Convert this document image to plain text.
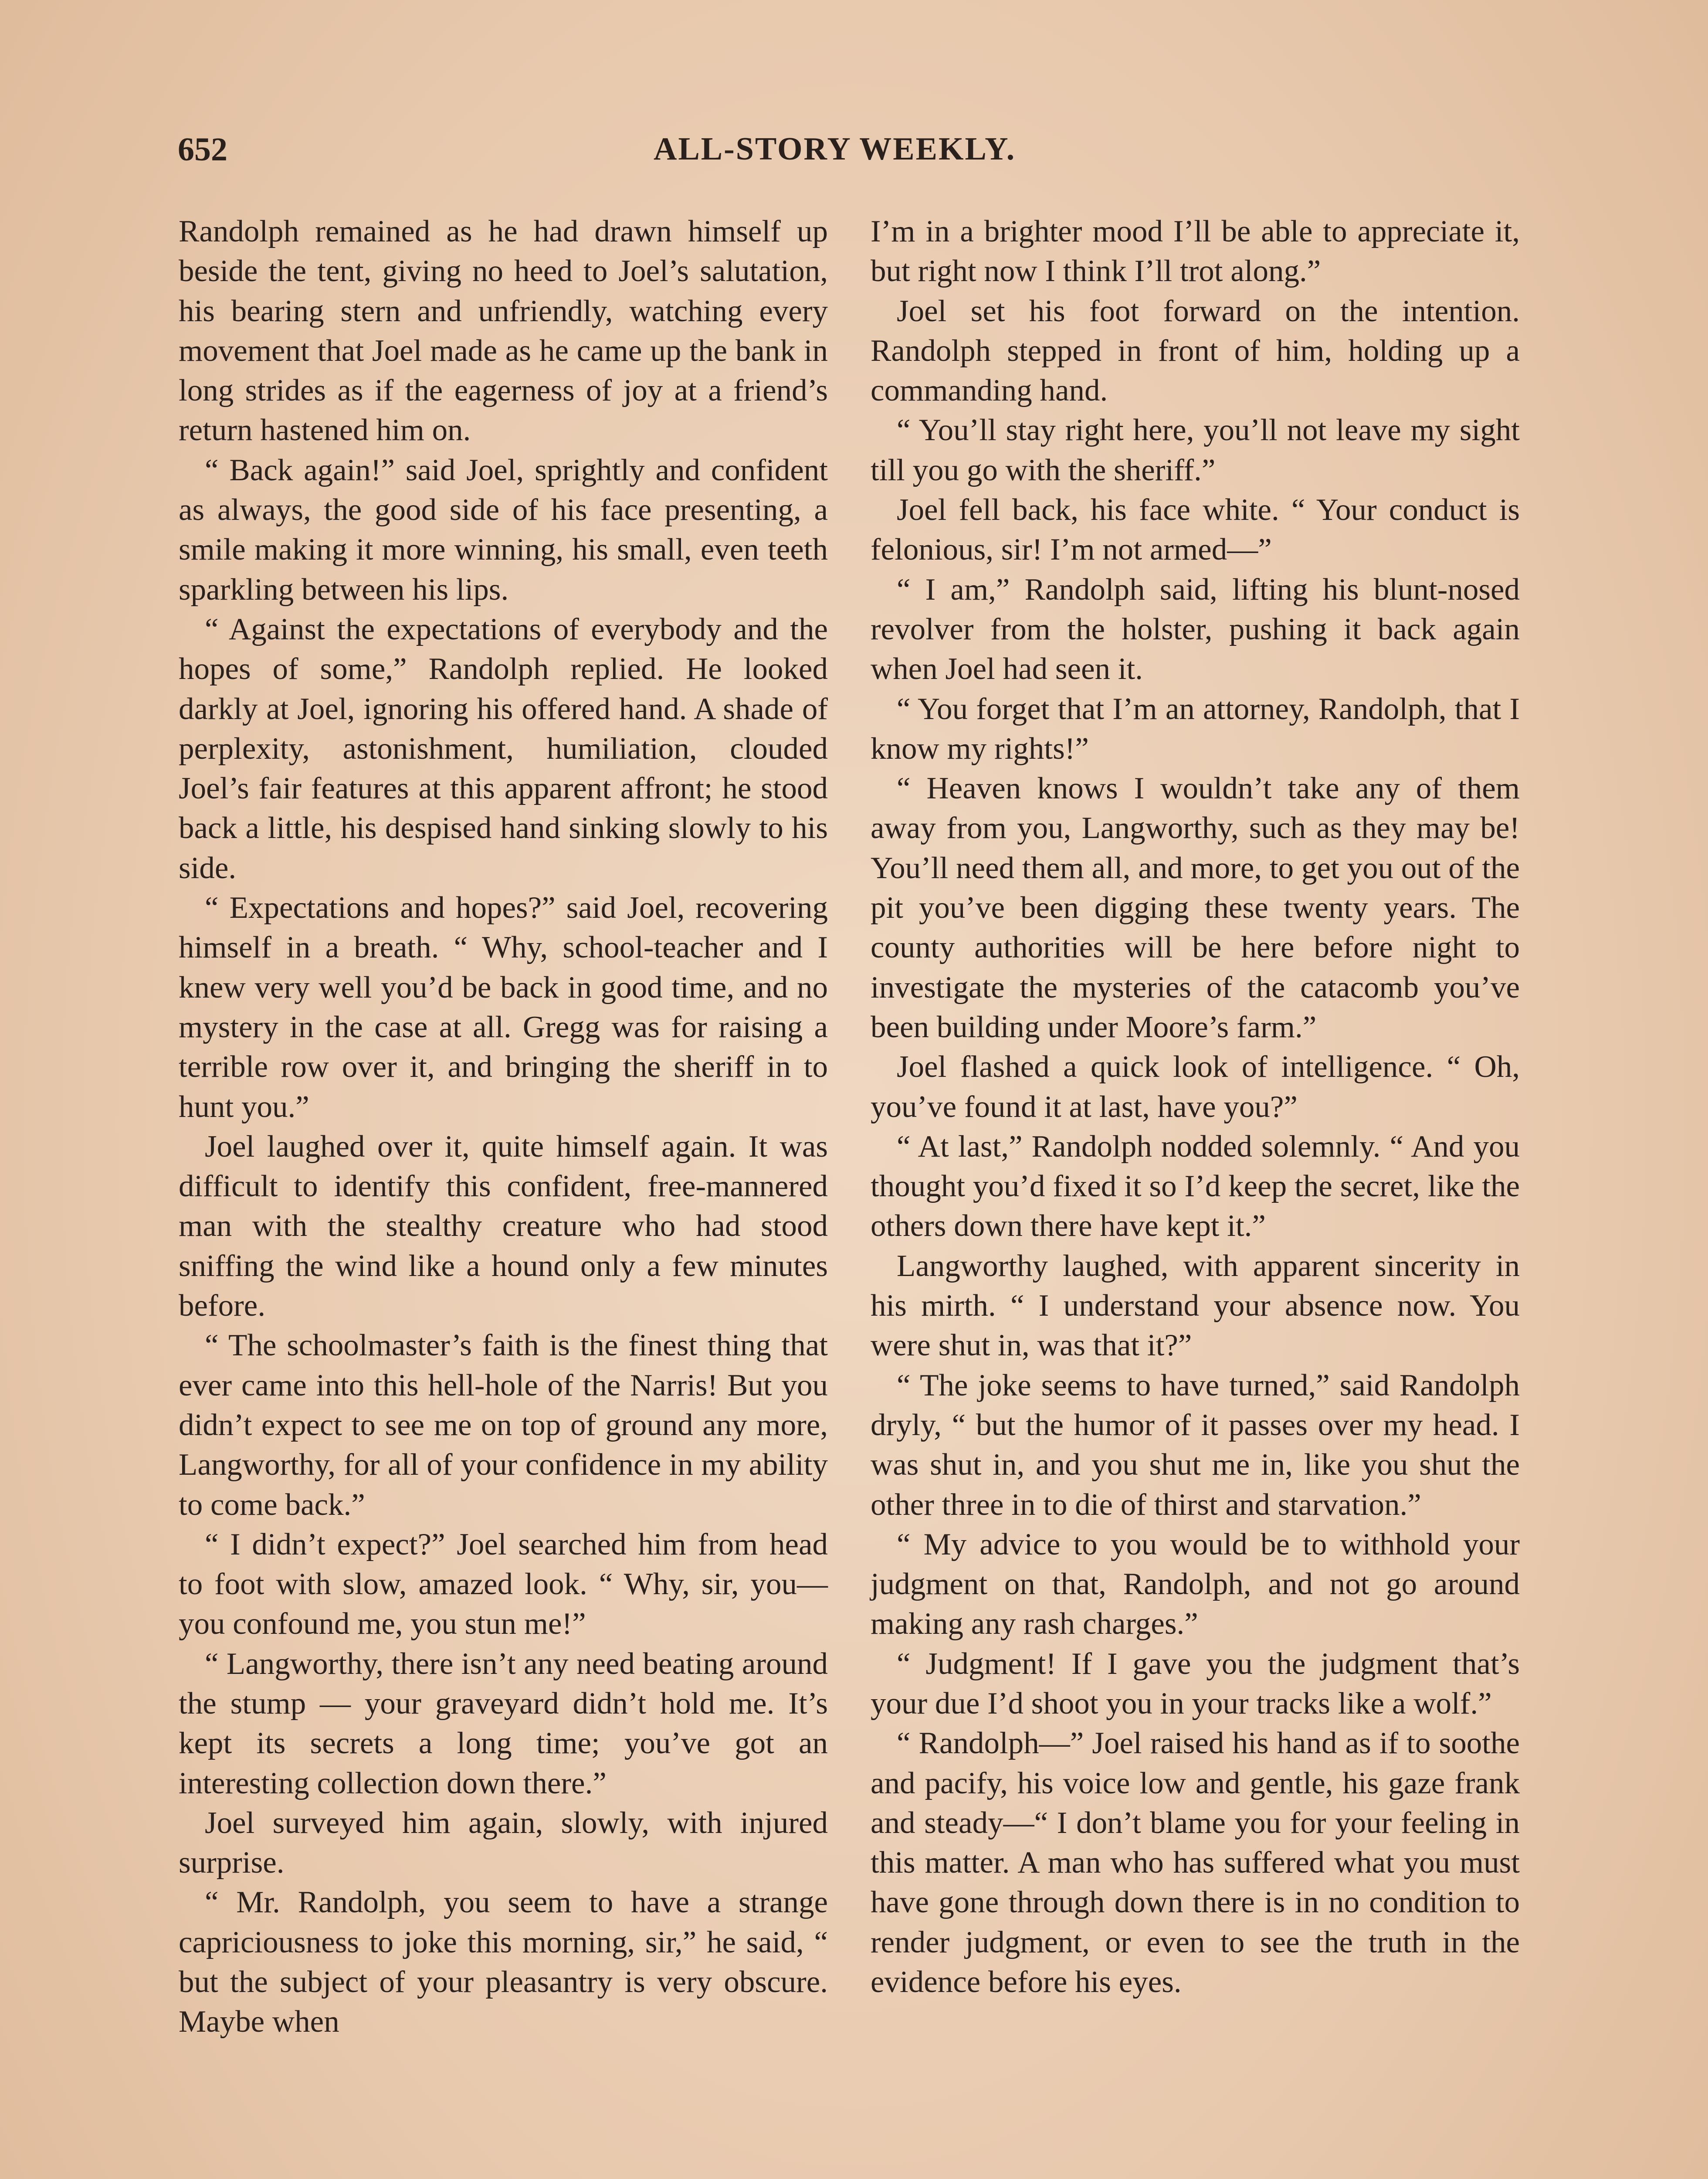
652	ALL-STORY WEEKLY.

Randolph remained as he had drawn himself up beside the tent, giving no heed to Joel’s salutation, his bearing stern and unfriendly, watching every movement that Joel made as he came up the bank in long strides as if the eagerness of joy at a friend’s return hastened him on.

“ Back again!” said Joel, sprightly and confident as always, the good side of his face presenting, a smile making it more winning, his small, even teeth sparkling between his lips.

“ Against the expectations of everybody and the hopes of some,” Randolph replied. He looked darkly at Joel, ignoring his offered hand. A shade of perplexity, astonishment, humiliation, clouded Joel’s fair features at this apparent affront; he stood back a little, his despised hand sinking slowly to his side.

“ Expectations and hopes?” said Joel, recovering himself in a breath. “ Why, school-teacher and I knew very well you’d be back in good time, and no mystery in the case at all. Gregg was for raising a terrible row over it, and bringing the sheriff in to hunt you.”

Joel laughed over it, quite himself again. It was difficult to identify this confident, free-mannered man with the stealthy creature who had stood sniffing the wind like a hound only a few minutes before.

“ The schoolmaster’s faith is the finest thing that ever came into this hell-hole of the Narris! But you didn’t expect to see me on top of ground any more, Langworthy, for all of your confidence in my ability to come back.”

“ I didn’t expect?” Joel searched him from head to foot with slow, amazed look. “ Why, sir, you—you confound me, you stun me!”

“ Langworthy, there isn’t any need beating around the stump — your graveyard didn’t hold me. It’s kept its secrets a long time; you’ve got an interesting collection down there.”

Joel surveyed him again, slowly, with injured surprise.

“ Mr. Randolph, you seem to have a strange capriciousness to joke this morning, sir,” he said, “ but the subject of your pleasantry is very obscure. Maybe when

I’m in a brighter mood I’ll be able to appreciate it, but right now I think I’ll trot along.”

Joel set his foot forward on the intention. Randolph stepped in front of him, holding up a commanding hand.

“ You’ll stay right here, you’ll not leave my sight till you go with the sheriff.”

Joel fell back, his face white. “ Your conduct is felonious, sir! I’m not armed—”

“ I am,” Randolph said, lifting his blunt-nosed revolver from the holster, pushing it back again when Joel had seen it.

“ You forget that I’m an attorney, Randolph, that I know my rights!”

“ Heaven knows I wouldn’t take any of them away from you, Langworthy, such as they may be! You’ll need them all, and more, to get you out of the pit you’ve been digging these twenty years. The county authorities will be here before night to investigate the mysteries of the catacomb you’ve been building under Moore’s farm.”

Joel flashed a quick look of intelligence. “ Oh, you’ve found it at last, have you?”

“ At last,” Randolph nodded solemnly. “ And you thought you’d fixed it so I’d keep the secret, like the others down there have kept it.”

Langworthy laughed, with apparent sincerity in his mirth. “ I understand your absence now. You were shut in, was that it?”

“ The joke seems to have turned,” said Randolph dryly, “ but the humor of it passes over my head. I was shut in, and you shut me in, like you shut the other three in to die of thirst and starvation.”

“ My advice to you would be to withhold your judgment on that, Randolph, and not go around making any rash charges.”

“ Judgment! If I gave you the judgment that’s your due I’d shoot you in your tracks like a wolf.”

“ Randolph—” Joel raised his hand as if to soothe and pacify, his voice low and gentle, his gaze frank and steady—“ I don’t blame you for your feeling in this matter. A man who has suffered what you must have gone through down there is in no condition to render judgment, or even to see the truth in the evidence before his eyes.
